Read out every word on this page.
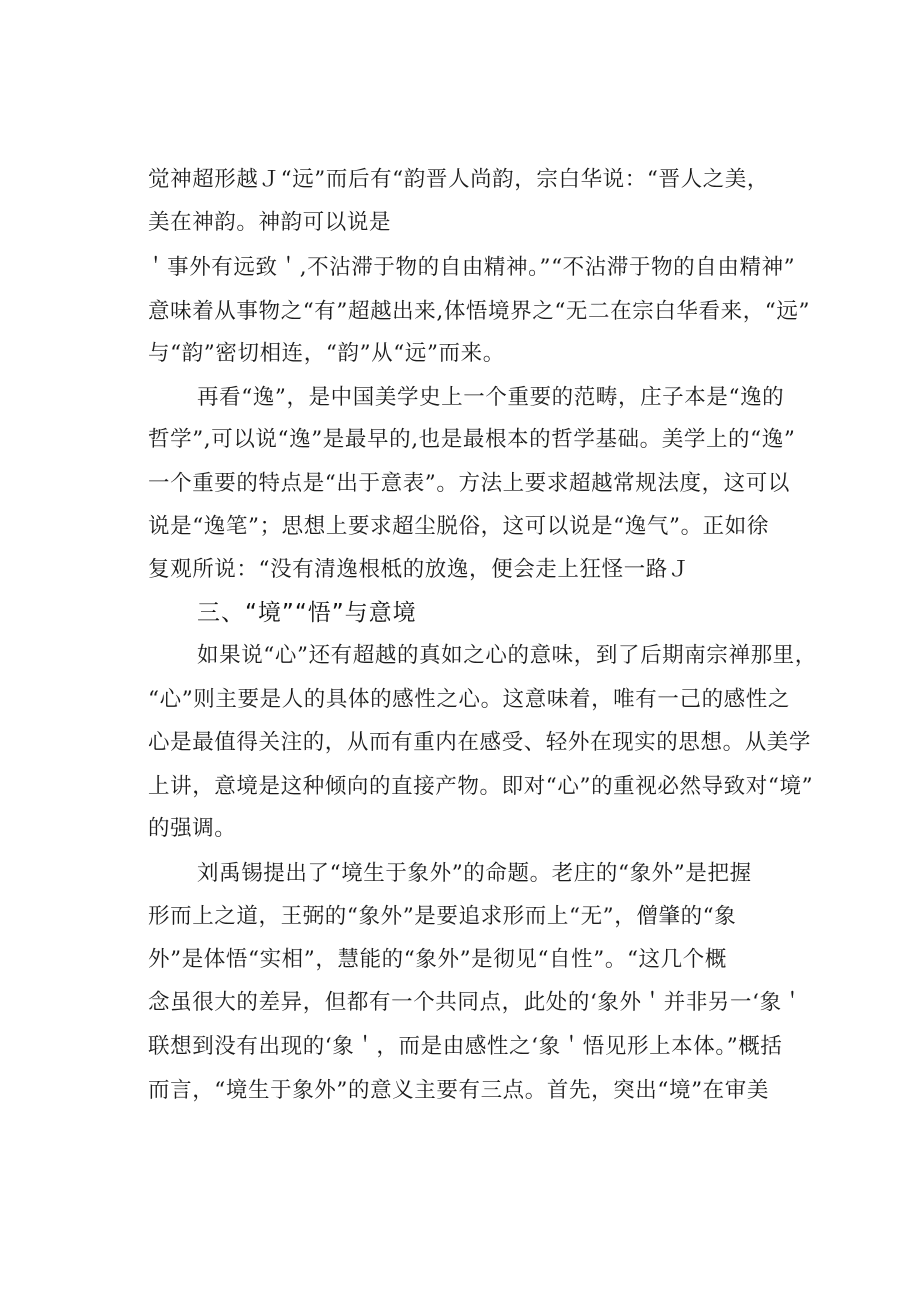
觉神超形越Ｊ“远”而后有“韵晋人尚韵，宗白华说：“晋人之美，
美在神韵。神韵可以说是
＇事外有远致＇,不沾滞于物的自由精神。”“不沾滞于物的自由精神”
意味着从事物之“有”超越出来,体悟境界之“无二在宗白华看来，“远”
与“韵”密切相连，“韵”从“远”而来。
再看“逸”，是中国美学史上一个重要的范畴，庄子本是“逸的
哲学”,可以说“逸”是最早的,也是最根本的哲学基础。美学上的“逸”
一个重要的特点是“出于意表”。方法上要求超越常规法度，这可以
说是“逸笔”；思想上要求超尘脱俗，这可以说是“逸气”。正如徐
复观所说：“没有清逸根柢的放逸，便会走上狂怪一路Ｊ
三、“境”“悟”与意境
如果说“心”还有超越的真如之心的意味，到了后期南宗禅那里，
“心”则主要是人的具体的感性之心。这意味着，唯有一己的感性之
心是最值得关注的，从而有重内在感受、轻外在现实的思想。从美学
上讲，意境是这种倾向的直接产物。即对“心”的重视必然导致对“境”
的强调。
刘禹锡提出了“境生于象外”的命题。老庄的“象外”是把握
形而上之道，王弼的“象外”是要追求形而上“无”，僧肇的“象
外”是体悟“实相”，慧能的“象外”是彻见“自性”。“这几个概
念虽很大的差异，但都有一个共同点，此处的‘象外＇并非另一‘象＇
联想到没有出现的‘象＇，而是由感性之‘象＇悟见形上本体。”概括
而言，“境生于象外”的意义主要有三点。首先，突出“境”在审美
